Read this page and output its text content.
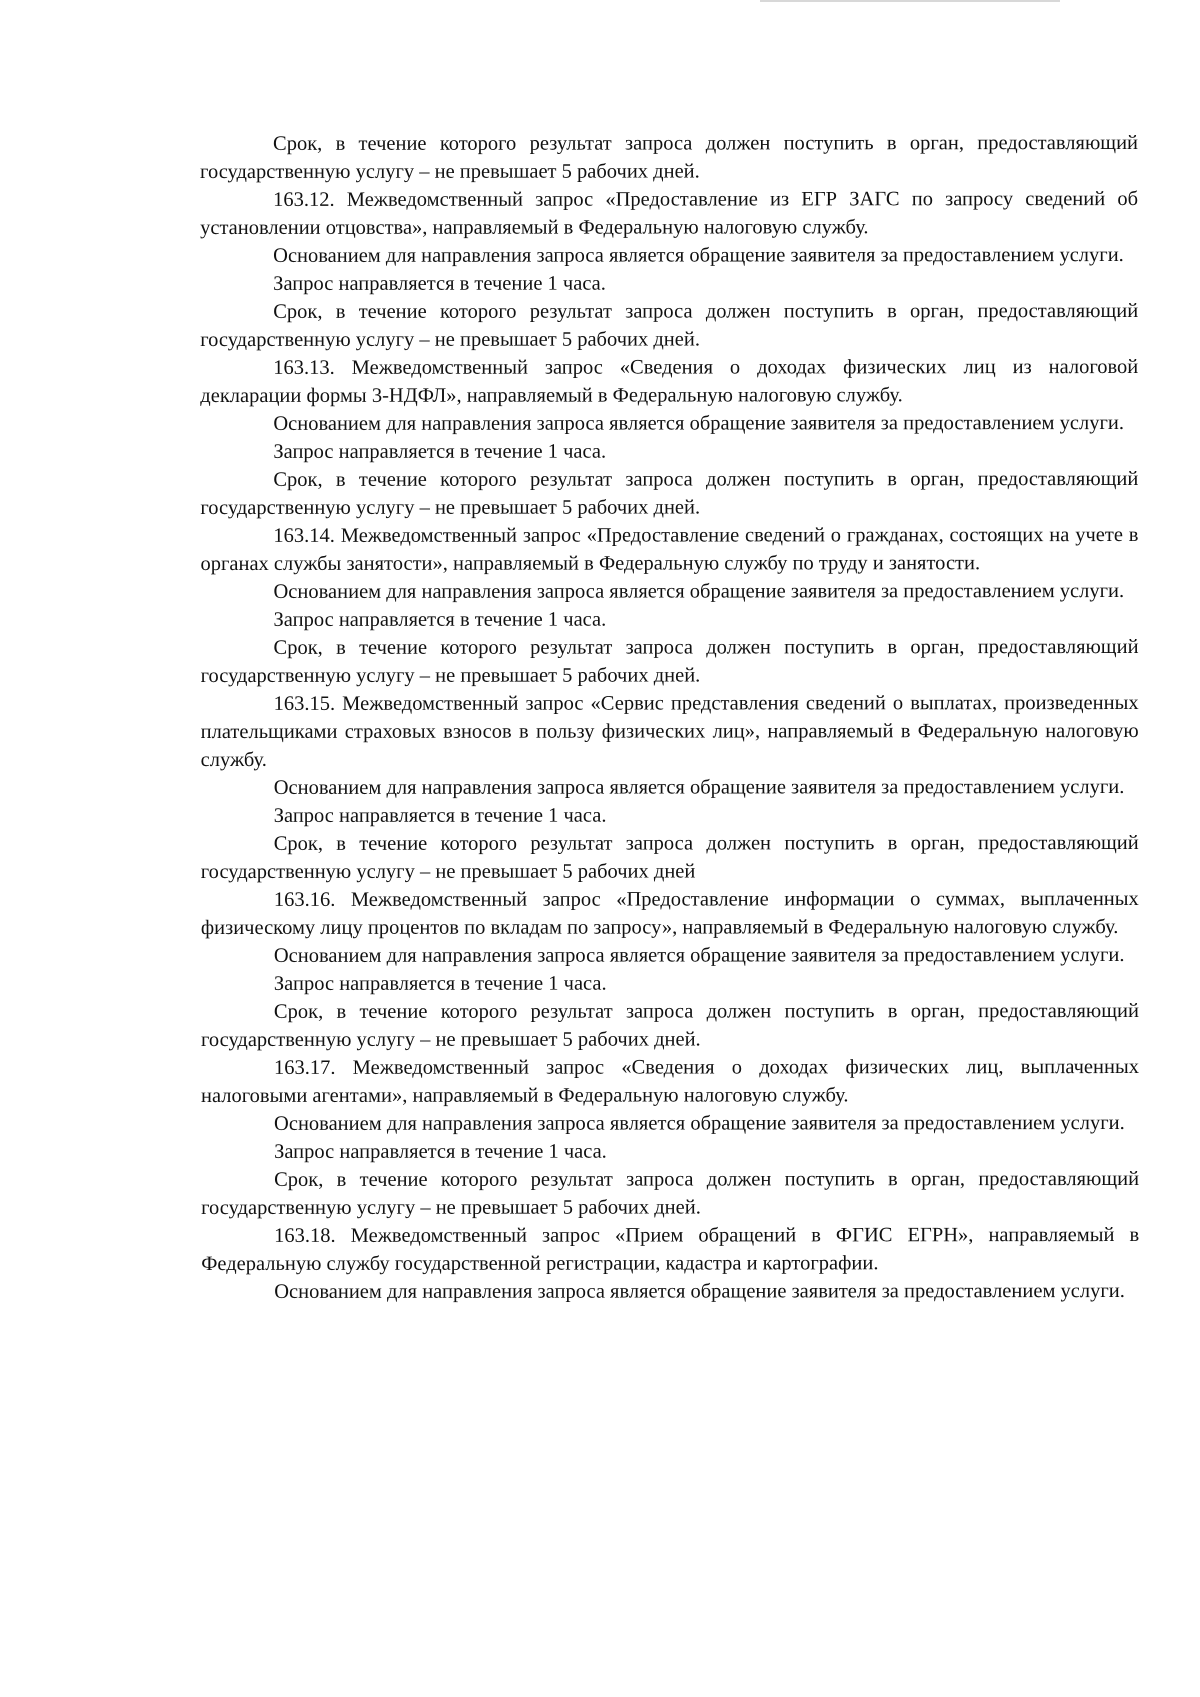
Срок, в течение которого результат запроса должен поступить в орган, предоставляющий государственную услугу – не превышает 5 рабочих дней.

163.12. Межведомственный запрос «Предоставление из ЕГР ЗАГС по запросу сведений об установлении отцовства», направляемый в Федеральную налоговую службу.

Основанием для направления запроса является обращение заявителя за предоставлением услуги.

Запрос направляется в течение 1 часа.

Срок, в течение которого результат запроса должен поступить в орган, предоставляющий государственную услугу – не превышает 5 рабочих дней.

163.13. Межведомственный запрос «Сведения о доходах физических лиц из налоговой декларации формы 3-НДФЛ», направляемый в Федеральную налоговую службу.

Основанием для направления запроса является обращение заявителя за предоставлением услуги.

Запрос направляется в течение 1 часа.

Срок, в течение которого результат запроса должен поступить в орган, предоставляющий государственную услугу – не превышает 5 рабочих дней.

163.14. Межведомственный запрос «Предоставление сведений о гражданах, состоящих на учете в органах службы занятости», направляемый в Федеральную службу по труду и занятости.

Основанием для направления запроса является обращение заявителя за предоставлением услуги.

Запрос направляется в течение 1 часа.

Срок, в течение которого результат запроса должен поступить в орган, предоставляющий государственную услугу – не превышает 5 рабочих дней.

163.15. Межведомственный запрос «Сервис представления сведений о выплатах, произведенных плательщиками страховых взносов в пользу физических лиц», направляемый в Федеральную налоговую службу.

Основанием для направления запроса является обращение заявителя за предоставлением услуги.

Запрос направляется в течение 1 часа.

Срок, в течение которого результат запроса должен поступить в орган, предоставляющий государственную услугу – не превышает 5 рабочих дней

163.16. Межведомственный запрос «Предоставление информации о суммах, выплаченных физическому лицу процентов по вкладам по запросу», направляемый в Федеральную налоговую службу.

Основанием для направления запроса является обращение заявителя за предоставлением услуги.

Запрос направляется в течение 1 часа.

Срок, в течение которого результат запроса должен поступить в орган, предоставляющий государственную услугу – не превышает 5 рабочих дней.

163.17. Межведомственный запрос «Сведения о доходах физических лиц, выплаченных налоговыми агентами», направляемый в Федеральную налоговую службу.

Основанием для направления запроса является обращение заявителя за предоставлением услуги.

Запрос направляется в течение 1 часа.

Срок, в течение которого результат запроса должен поступить в орган, предоставляющий государственную услугу – не превышает 5 рабочих дней.

163.18. Межведомственный запрос «Прием обращений в ФГИС ЕГРН», направляемый в Федеральную службу государственной регистрации, кадастра и картографии.

Основанием для направления запроса является обращение заявителя за предоставлением услуги.
